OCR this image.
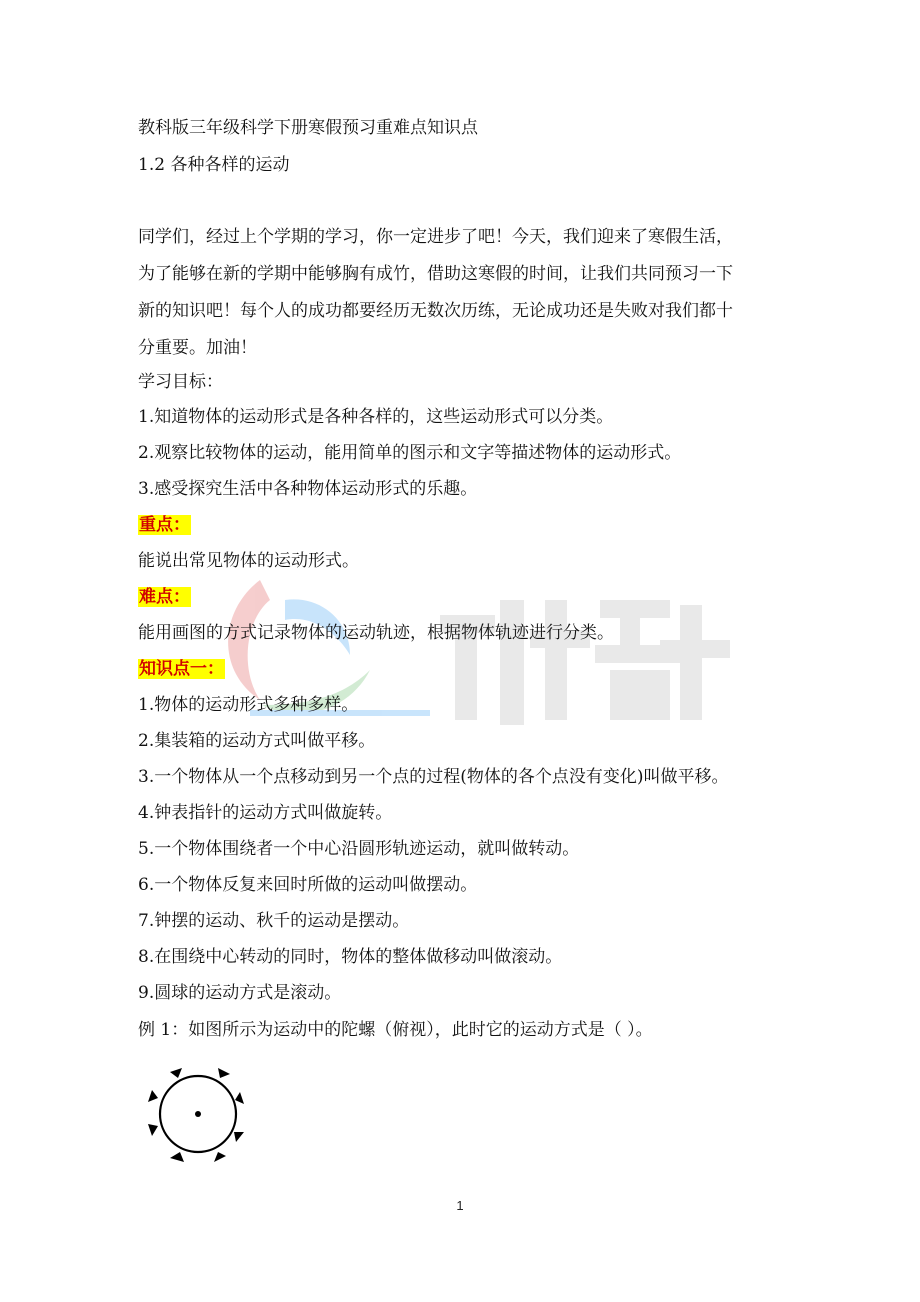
教科版三年级科学下册寒假预习重难点知识点
1.2 各种各样的运动
同学们，经过上个学期的学习，你一定进步了吧！今天，我们迎来了寒假生活，
为了能够在新的学期中能够胸有成竹，借助这寒假的时间，让我们共同预习一下
新的知识吧！每个人的成功都要经历无数次历练，无论成功还是失败对我们都十
分重要。加油！
学习目标：
1.知道物体的运动形式是各种各样的，这些运动形式可以分类。
2.观察比较物体的运动，能用简单的图示和文字等描述物体的运动形式。
3.感受探究生活中各种物体运动形式的乐趣。
重点：
能说出常见物体的运动形式。
难点：
能用画图的方式记录物体的运动轨迹，根据物体轨迹进行分类。
知识点一：
1.物体的运动形式多种多样。
2.集装箱的运动方式叫做平移。
3.一个物体从一个点移动到另一个点的过程(物体的各个点没有变化)叫做平移。
4.钟表指针的运动方式叫做旋转。
5.一个物体围绕者一个中心沿圆形轨迹运动，就叫做转动。
6.一个物体反复来回时所做的运动叫做摆动。
7.钟摆的运动、秋千的运动是摆动。
8.在围绕中心转动的同时，物体的整体做移动叫做滚动。
9.圆球的运动方式是滚动。
例 1：如图所示为运动中的陀螺（俯视），此时它的运动方式是（ ）。
1
